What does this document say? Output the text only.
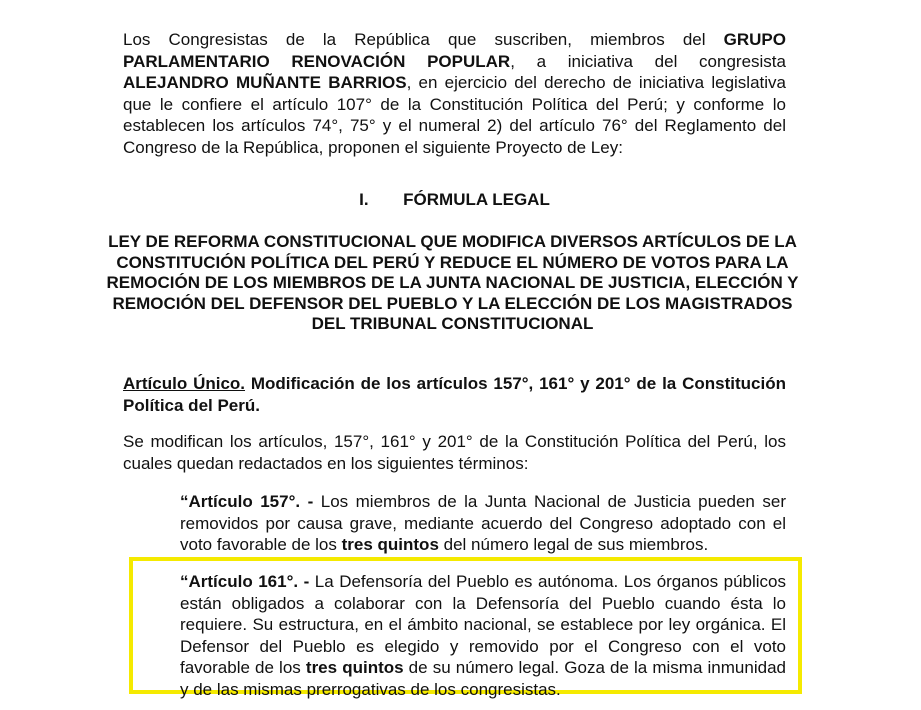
Los Congresistas de la República que suscriben, miembros del GRUPO PARLAMENTARIO RENOVACIÓN POPULAR, a iniciativa del congresista ALEJANDRO MUÑANTE BARRIOS, en ejercicio del derecho de iniciativa legislativa que le confiere el artículo 107° de la Constitución Política del Perú; y conforme lo establecen los artículos 74°, 75° y el numeral 2) del artículo 76° del Reglamento del Congreso de la República, proponen el siguiente Proyecto de Ley:
I. FÓRMULA LEGAL
LEY DE REFORMA CONSTITUCIONAL QUE MODIFICA DIVERSOS ARTÍCULOS DE LA CONSTITUCIÓN POLÍTICA DEL PERÚ Y REDUCE EL NÚMERO DE VOTOS PARA LA REMOCIÓN DE LOS MIEMBROS DE LA JUNTA NACIONAL DE JUSTICIA, ELECCIÓN Y REMOCIÓN DEL DEFENSOR DEL PUEBLO Y LA ELECCIÓN DE LOS MAGISTRADOS DEL TRIBUNAL CONSTITUCIONAL
Artículo Único. Modificación de los artículos 157°, 161° y 201° de la Constitución Política del Perú.
Se modifican los artículos, 157°, 161° y 201° de la Constitución Política del Perú, los cuales quedan redactados en los siguientes términos:
“Artículo 157°. - Los miembros de la Junta Nacional de Justicia pueden ser removidos por causa grave, mediante acuerdo del Congreso adoptado con el voto favorable de los tres quintos del número legal de sus miembros.
“Artículo 161°. - La Defensoría del Pueblo es autónoma. Los órganos públicos están obligados a colaborar con la Defensoría del Pueblo cuando ésta lo requiere. Su estructura, en el ámbito nacional, se establece por ley orgánica. El Defensor del Pueblo es elegido y removido por el Congreso con el voto favorable de los tres quintos de su número legal. Goza de la misma inmunidad y de las mismas prerrogativas de los congresistas.
